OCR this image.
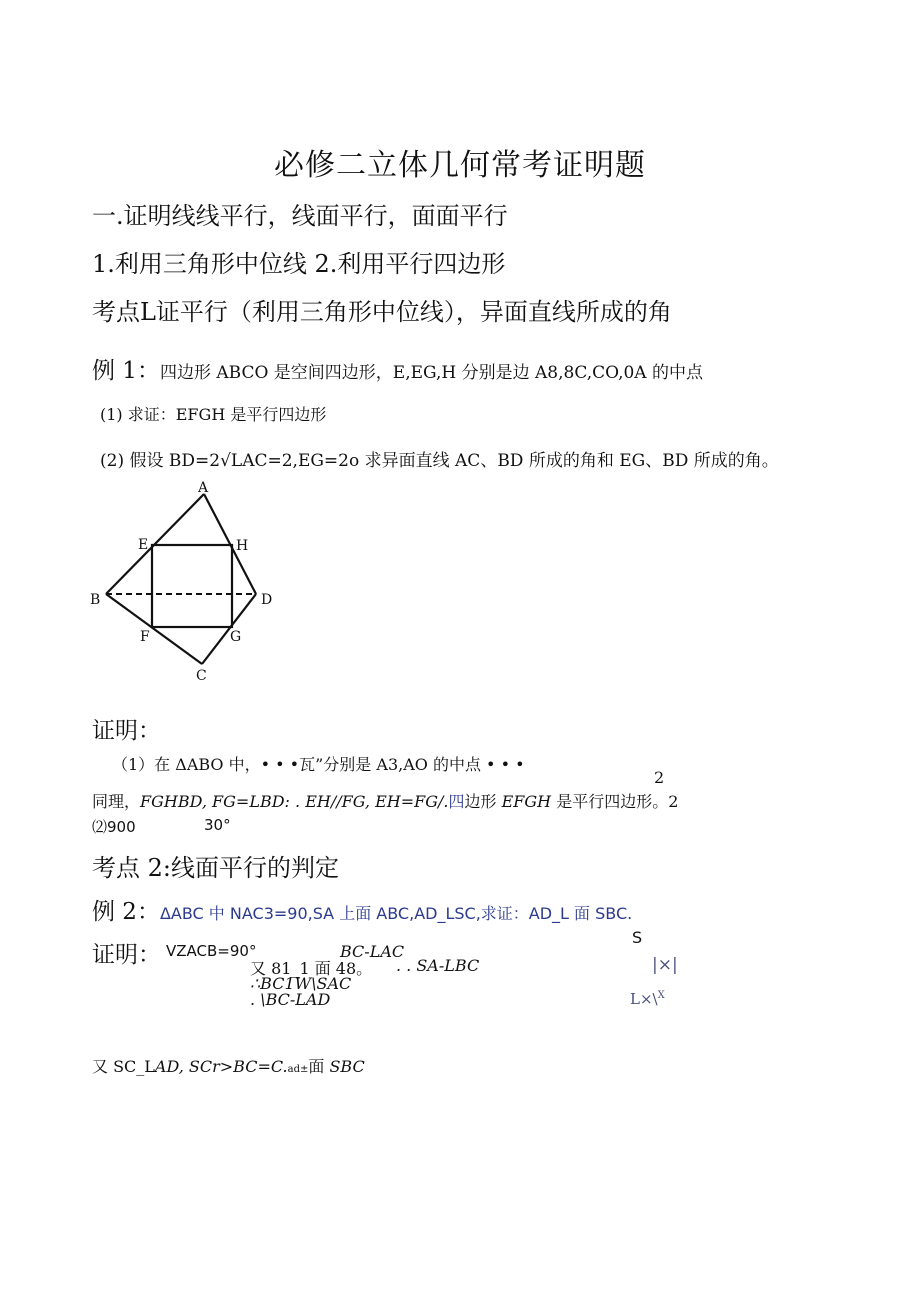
必修二立体几何常考证明题
一.证明线线平行，线面平行，面面平行
1.利用三角形中位线 2.利用平行四边形
考点L证平行（利用三角形中位线），异面直线所成的角
例 1：四边形 ABCO 是空间四边形，E,EG,H 分别是边 A8,8C,CO,0A 的中点
(1) 求证：EFGH 是平行四边形
(2) 假设 BD=2√LAC=2,EG=2o 求异面直线 AC、BD 所成的角和 EG、BD 所成的角。
A
E	H
B	D
F	G
C
证明：
（1）在 ΔABO 中，• • •瓦”分别是 A3,AO 的中点 • • •
2
同理，FGHBD, FG=LBD: . EH//FG, EH=FG/.四边形 EFGH 是平行四边形。2
⑵900	30°
考点 2:线面平行的判定
例 2：ΔABC 中 NAC3=90,SA 上面 ABC,AD_LSC,求证：AD_L 面 SBC.
证明： VZACB=90°	BC-LAC
又 81_1 面 48。 . . SA-LBC
∴BC1W\SAC
. \BC-LAD
S
|×|
L×\$^X$
又 SC_LAD, SCr>BC=C.ad±面 SBC
